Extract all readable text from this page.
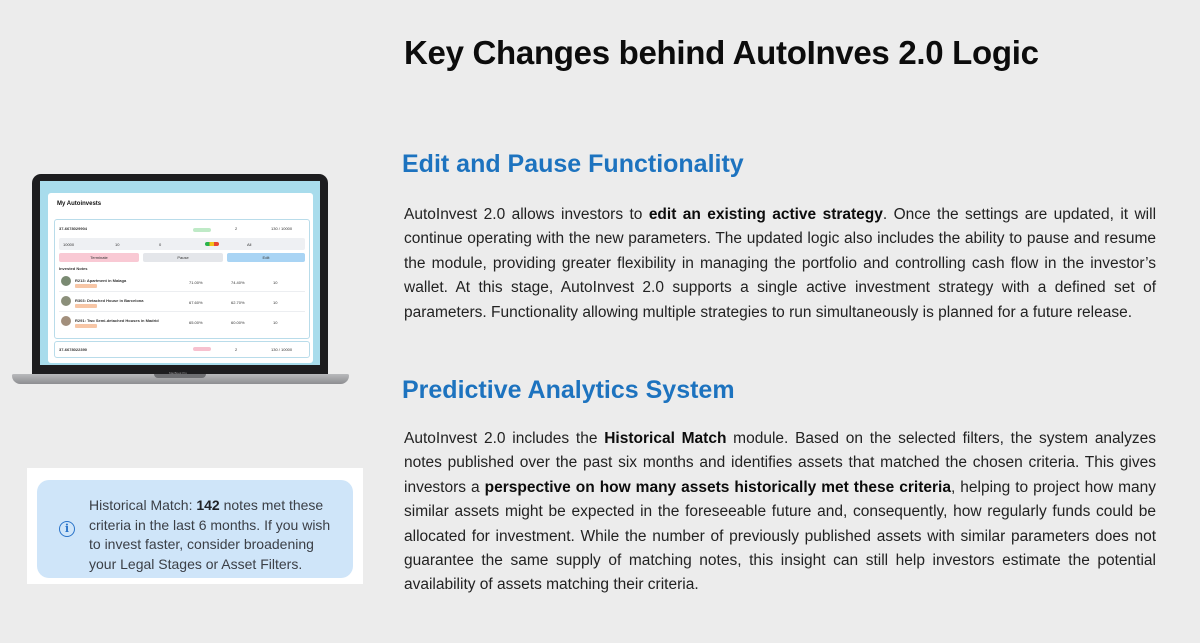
Key Changes behind AutoInves 2.0 Logic
Edit and Pause Functionality
AutoInvest 2.0 allows investors to edit an existing active strategy. Once the settings are updated, it will continue operating with the new parameters. The updated logic also includes the ability to pause and resume the module, providing greater flexibility in managing the portfolio and controlling cash flow in the investor’s wallet. At this stage, AutoInvest 2.0 supports a single active investment strategy with a defined set of parameters. Functionality allowing multiple strategies to run simultaneously is planned for a future release.
Predictive Analytics System
AutoInvest 2.0 includes the Historical Match module. Based on the selected filters, the system analyzes notes published over the past six months and identifies assets that matched the chosen criteria. This gives investors a perspective on how many assets historically met these criteria, helping to project how many similar assets might be expected in the foreseeable future and, consequently, how regularly funds could be allocated for investment. While the number of previously published assets with similar parameters does not guarantee the same supply of matching notes, this insight can still help investors estimate the potential availability of assets matching their criteria.
My Autoinvests
37-6678029904	2	130 / 10000
10000	10	0	All
Terminate	Pause	Edit
Invested Notes
R213: Apartment in Malaga	71.00%	74.40%	10
R303: Detached House in Barcelona	67.60%	62.70%	10
R291: Two Semi-detached Houses in Madrid	65.00%	60.00%	10
37-6678022390	2	130 / 10000
MacBook Pro
i
Historical Match: 142 notes met these criteria in the last 6 months. If you wish to invest faster, consider broadening your Legal Stages or Asset Filters.
